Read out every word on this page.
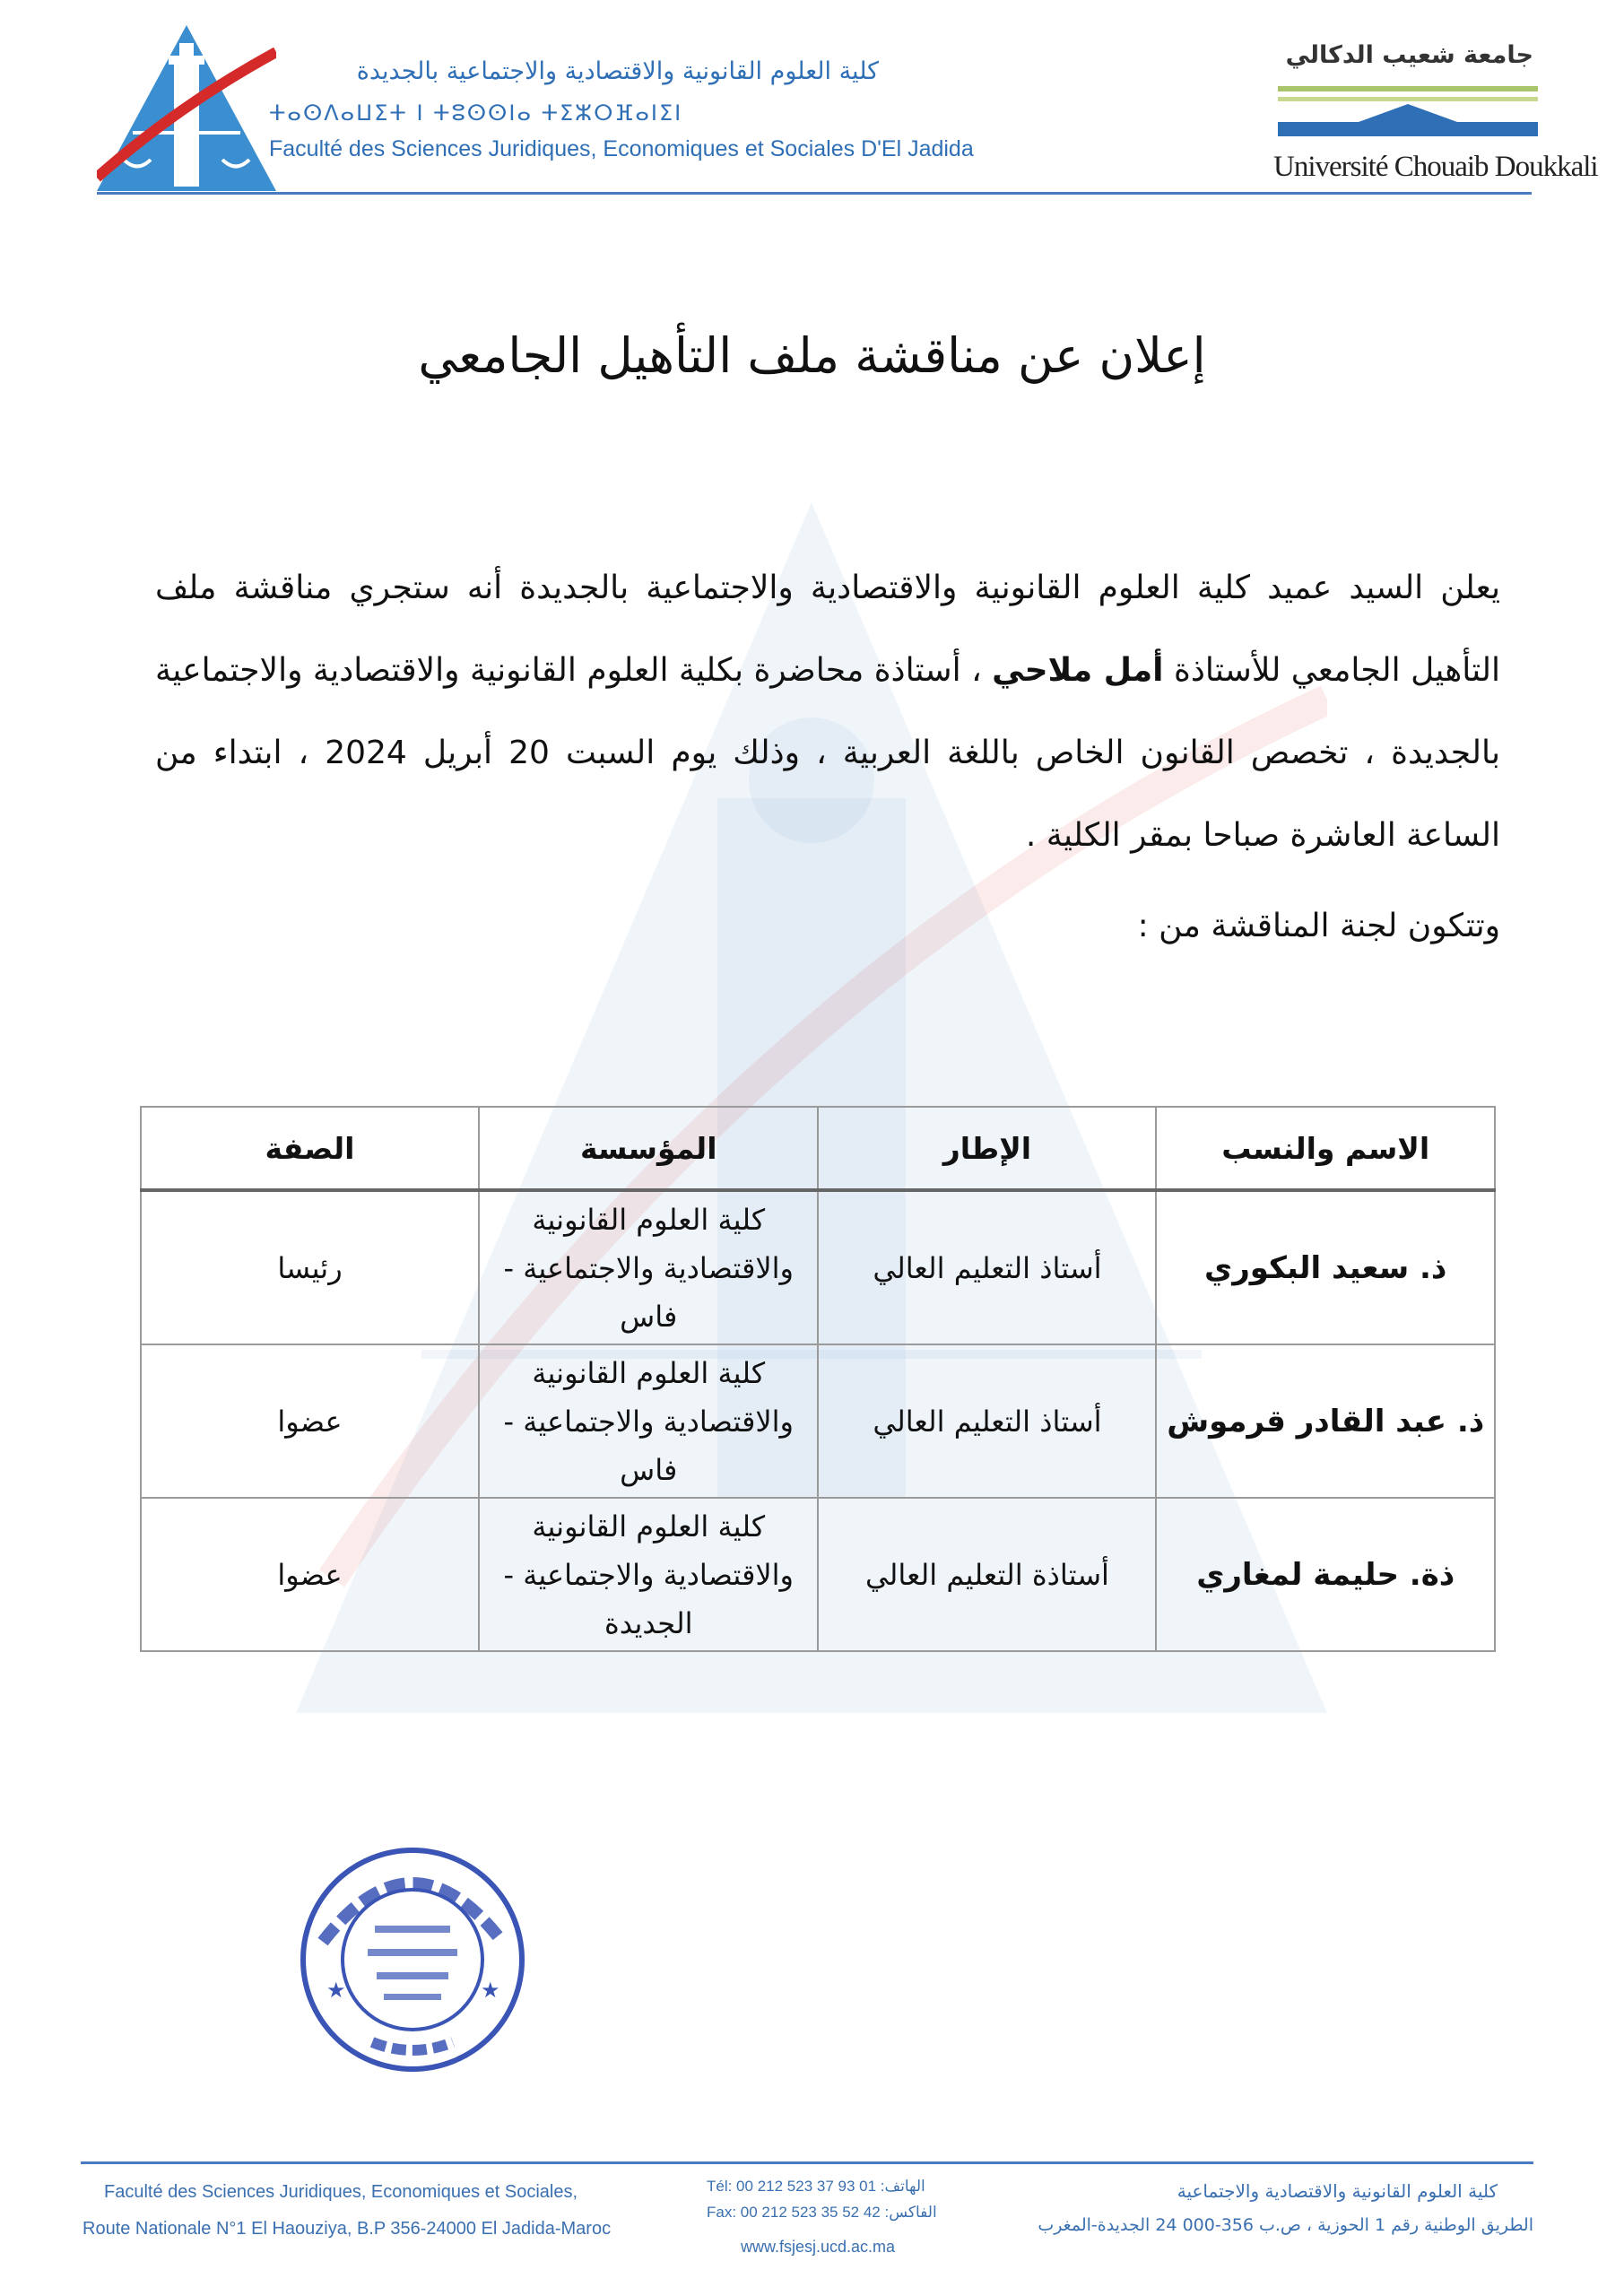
كلية العلوم القانونية والاقتصادية والاجتماعية بالجديدة
ⵜⴰⵙⴷⴰⵡⵉⵜ ⵏ ⵜⵓⵙⵙⵏⴰ ⵜⵉⵣⵔⴼⴰⵏⵉⵏ
Faculté des Sciences Juridiques, Economiques et Sociales D'El Jadida
جامعة شعيب الدكالي
Université Chouaib Doukkali
إعلان عن مناقشة ملف التأهيل الجامعي
يعلن السيد عميد كلية العلوم القانونية والاقتصادية والاجتماعية بالجديدة أنه ستجري مناقشة ملف التأهيل الجامعي للأستاذة أمل ملاحي ، أستاذة محاضرة بكلية العلوم القانونية والاقتصادية والاجتماعية بالجديدة ، تخصص القانون الخاص باللغة العربية ، وذلك يوم السبت 20 أبريل 2024 ، ابتداء من الساعة العاشرة صباحا بمقر الكلية .
وتتكون لجنة المناقشة من :
الاسم والنسب	الإطار	المؤسسة	الصفة
ذ. سعيد البكوري	أستاذ التعليم العالي	كلية العلوم القانونية والاقتصادية والاجتماعية - فاس	رئيسا
ذ. عبد القادر قرموش	أستاذ التعليم العالي	كلية العلوم القانونية والاقتصادية والاجتماعية - فاس	عضوا
ذة. حليمة لمغاري	أستاذة التعليم العالي	كلية العلوم القانونية والاقتصادية والاجتماعية - الجديدة	عضوا
★	★
Faculté des Sciences Juridiques, Economiques et Sociales,
Route Nationale N°1 El Haouziya, B.P 356-24000 El Jadida-Maroc
Tél: 00 212 523 37 93 01 :الهاتف
Fax: 00 212 523 35 52 42 :الفاكس
www.fsjesj.ucd.ac.ma
كلية العلوم القانونية والاقتصادية والاجتماعية
الطريق الوطنية رقم 1 الحوزية ، ص.ب 356-000 24 الجديدة-المغرب
